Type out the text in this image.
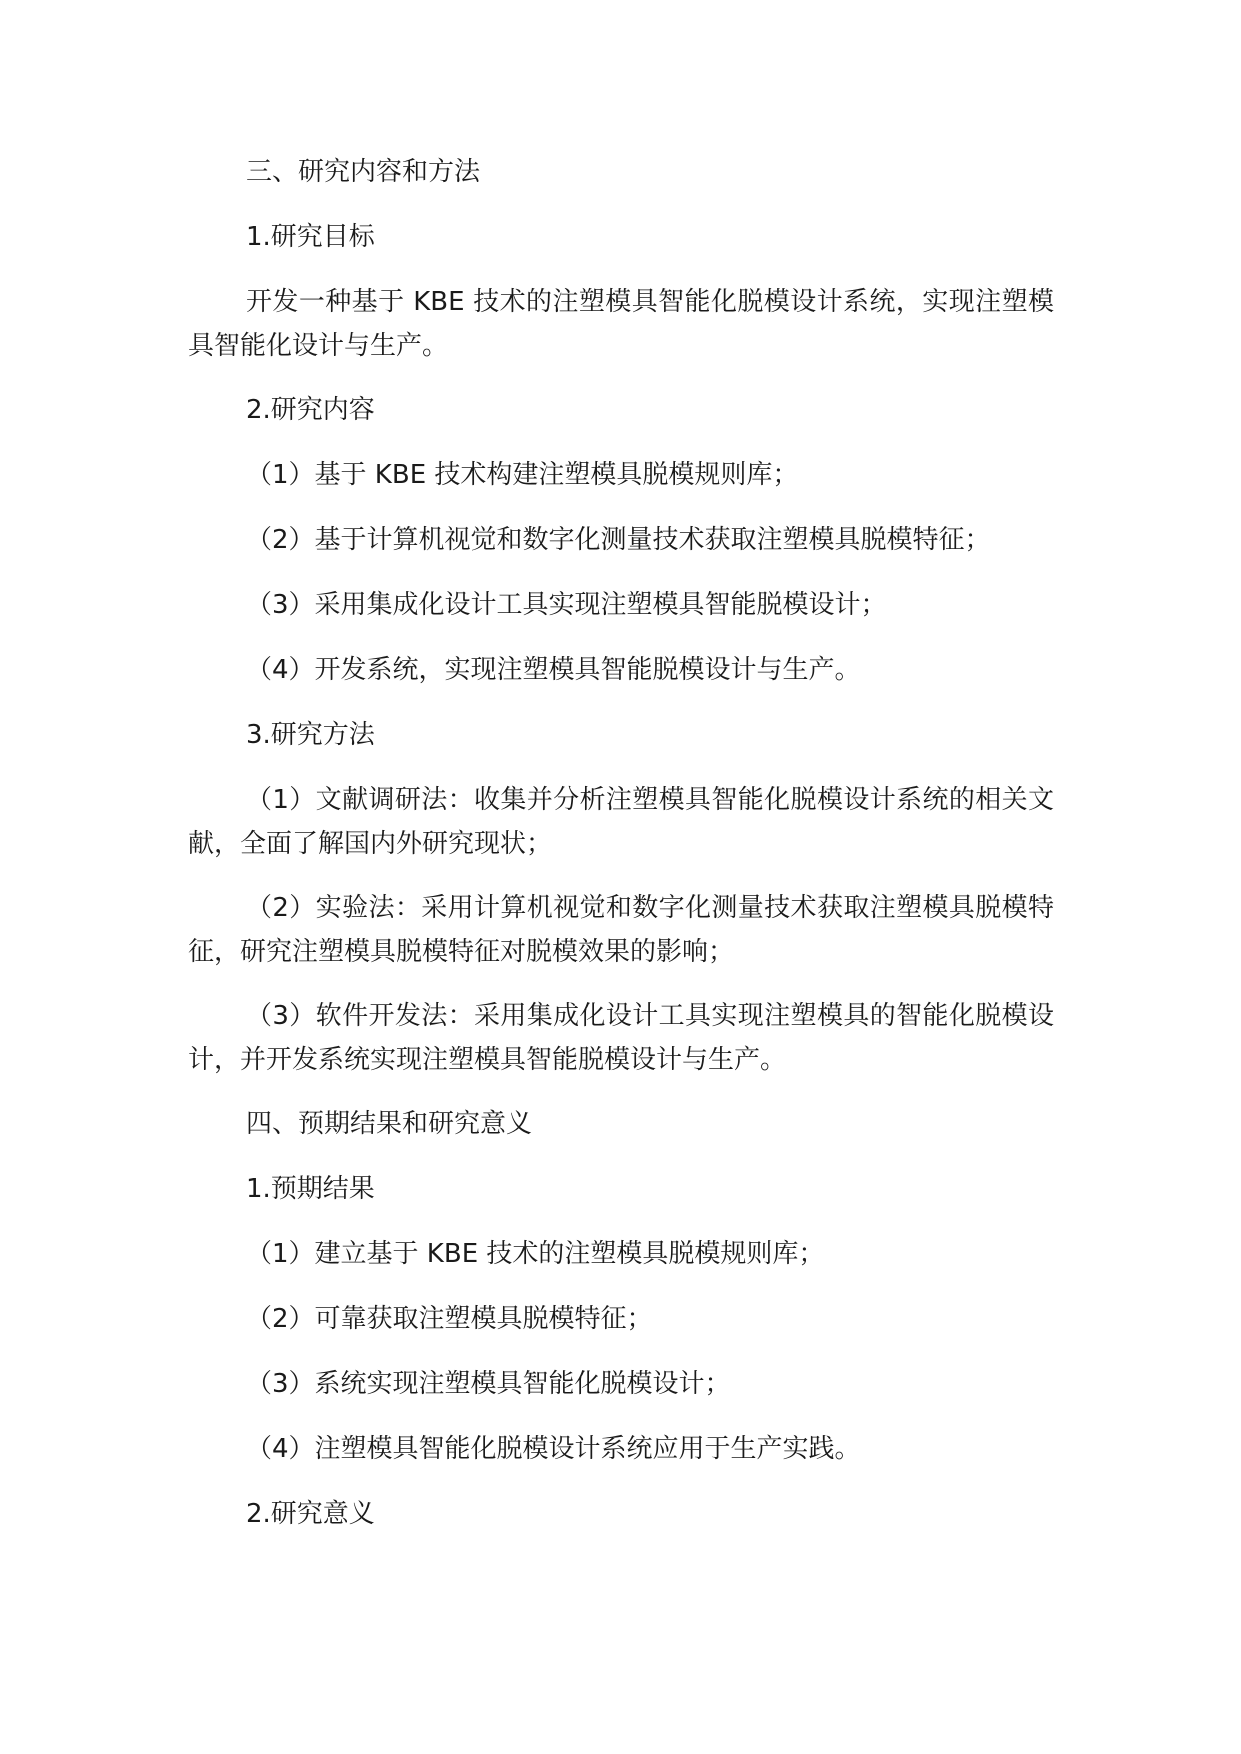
三、研究内容和方法

1.研究目标

开发一种基于 KBE 技术的注塑模具智能化脱模设计系统，实现注塑模具智能化设计与生产。

2.研究内容

（1）基于 KBE 技术构建注塑模具脱模规则库；

（2）基于计算机视觉和数字化测量技术获取注塑模具脱模特征；

（3）采用集成化设计工具实现注塑模具智能脱模设计；

（4）开发系统，实现注塑模具智能脱模设计与生产。

3.研究方法

（1）文献调研法：收集并分析注塑模具智能化脱模设计系统的相关文献，全面了解国内外研究现状；

（2）实验法：采用计算机视觉和数字化测量技术获取注塑模具脱模特征，研究注塑模具脱模特征对脱模效果的影响；

（3）软件开发法：采用集成化设计工具实现注塑模具的智能化脱模设计，并开发系统实现注塑模具智能脱模设计与生产。

四、预期结果和研究意义

1.预期结果

（1）建立基于 KBE 技术的注塑模具脱模规则库；

（2）可靠获取注塑模具脱模特征；

（3）系统实现注塑模具智能化脱模设计；

（4）注塑模具智能化脱模设计系统应用于生产实践。

2.研究意义
